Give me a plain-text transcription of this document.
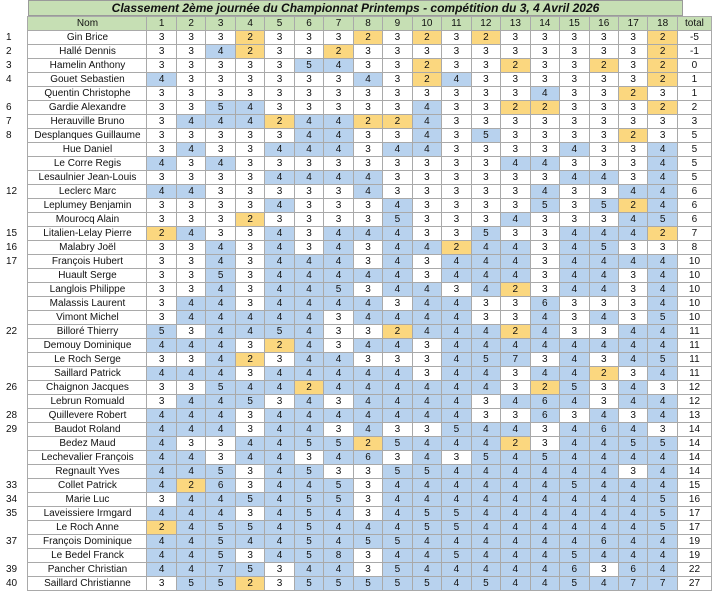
Classement 2ème journée du Championnat Printemps - compétition du 3, 4 Avril 2026
	Nom	1	2	3	4	5	6	7	8	9	10	11	12	13	14	15	16	17	18	total
1	Gin Brice	3	3	3	2	3	3	3	2	3	2	3	2	3	3	3	3	3	2	-5
2	Hallé Dennis	3	3	4	2	3	3	2	3	3	3	3	3	3	3	3	3	3	2	-1
3	Hamelin Anthony	3	3	3	3	3	5	4	3	3	2	3	3	2	3	3	2	3	2	0
4	Gouet Sebastien	4	3	3	3	3	3	3	4	3	2	4	3	3	3	3	3	3	2	1
	Quentin Christophe	3	3	3	3	3	3	3	3	3	3	3	3	3	4	3	3	2	3	1
6	Gardie Alexandre	3	3	5	4	3	3	3	3	3	4	3	3	2	2	3	3	3	2	2
7	Herauville Bruno	3	4	4	4	2	4	4	2	2	4	3	3	3	3	3	3	3	3	3
8	Desplanques Guillaume	3	3	3	3	3	4	4	3	3	4	3	5	3	3	3	3	2	3	5
	Hue Daniel	3	4	3	3	4	4	4	3	4	4	3	3	3	3	4	3	3	4	5
	Le Corre Regis	4	3	4	3	3	3	3	3	3	3	3	3	4	4	3	3	3	4	5
	Lesaulnier Jean-Louis	3	3	3	3	4	4	4	4	3	3	3	3	3	3	4	4	3	4	5
12	Leclerc Marc	4	4	3	3	3	3	3	4	3	3	3	3	3	4	3	3	4	4	6
	Leplumey Benjamin	3	3	3	3	4	3	3	3	4	3	3	3	3	5	3	5	2	4	6
	Mourocq Alain	3	3	3	2	3	3	3	3	5	3	3	3	4	3	3	3	4	5	6
15	Litalien-Lelay Pierre	2	4	3	3	4	3	4	4	4	3	3	5	3	3	4	4	4	2	7
16	Malabry Joël	3	3	4	3	4	3	4	3	4	4	2	4	4	3	4	5	3	3	8
17	François Hubert	3	3	4	3	4	4	4	3	4	3	4	4	4	3	4	4	4	4	10
	Huault Serge	3	3	5	3	4	4	4	4	4	3	4	4	4	3	4	4	3	4	10
	Langlois Philippe	3	3	4	3	4	4	5	3	4	4	3	4	2	3	4	4	3	4	10
	Malassis Laurent	3	4	4	3	4	4	4	4	3	4	4	3	3	6	3	3	3	4	10
	Vimont Michel	3	4	4	4	4	4	3	4	4	4	4	3	3	4	3	4	3	5	10
22	Billoré Thierry	5	3	4	4	5	4	3	3	2	4	4	4	2	4	3	3	4	4	11
	Demouy Dominique	4	4	4	3	2	4	3	4	4	3	4	4	4	4	4	4	4	4	11
	Le Roch Serge	3	3	4	2	3	4	4	3	3	3	4	5	7	3	4	3	4	5	11
	Saillard Patrick	4	4	4	3	4	4	4	4	4	3	4	4	3	4	4	2	3	4	11
26	Chaignon Jacques	3	3	5	4	4	2	4	4	4	4	4	4	3	2	5	3	4	3	12
	Lebrun Romuald	3	4	4	5	3	4	3	4	4	4	4	3	4	6	4	3	4	4	12
28	Quillevere Robert	4	4	4	3	4	4	4	4	4	4	4	3	3	6	3	4	3	4	13
29	Baudot Roland	4	4	4	3	4	4	3	4	3	3	5	4	4	3	4	6	4	3	14
	Bedez Maud	4	3	3	4	4	5	5	2	5	4	4	4	2	3	4	4	5	5	14
	Lechevalier François	4	4	3	4	4	3	4	6	3	4	3	5	4	5	4	4	4	4	14
	Regnault Yves	4	4	5	3	4	5	3	3	5	5	4	4	4	4	4	4	3	4	14
33	Collet Patrick	4	2	6	3	4	4	5	3	4	4	4	4	4	4	5	4	4	4	15
34	Marie Luc	3	4	4	5	4	5	5	3	4	4	4	4	4	4	4	4	4	5	16
35	Laveissiere Irmgard	4	4	4	3	4	5	4	3	4	5	5	4	4	4	4	4	4	5	17
	Le Roch Anne	2	4	5	5	4	5	4	4	4	5	5	4	4	4	4	4	4	5	17
37	François Dominique	4	4	5	4	4	5	4	5	5	4	4	4	4	4	4	6	4	4	19
	Le Bedel Franck	4	4	5	3	4	5	8	3	4	4	5	4	4	4	5	4	4	4	19
39	Pancher Christian	4	4	7	5	3	4	4	3	5	4	4	4	4	4	6	3	6	4	22
40	Saillard Christianne	3	5	5	2	3	5	5	5	5	5	4	5	4	4	5	4	7	7	27
